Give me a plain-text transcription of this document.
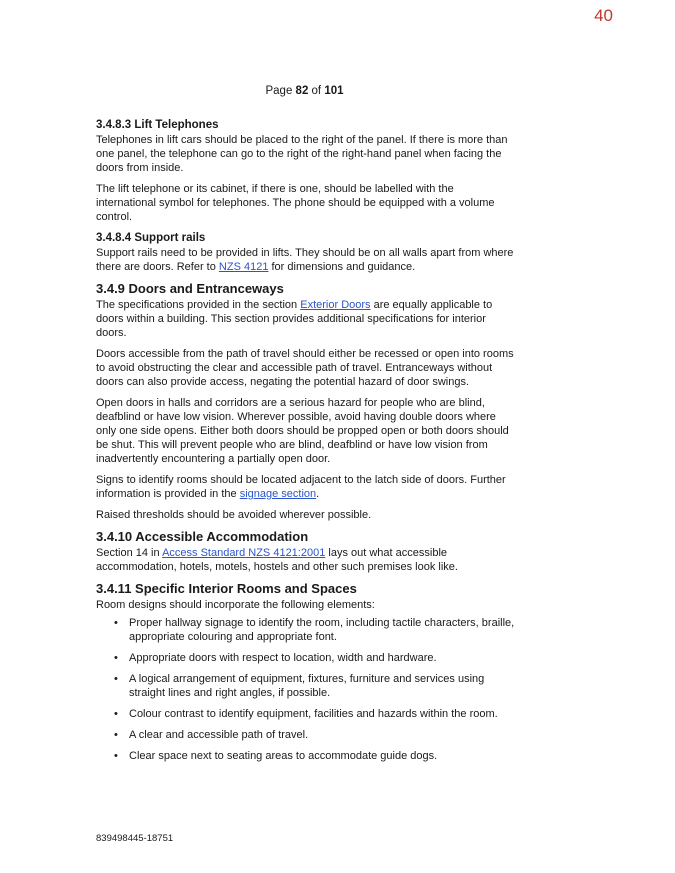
40
Page 82 of 101
3.4.8.3 Lift Telephones

Telephones in lift cars should be placed to the right of the panel. If there is more than one panel, the telephone can go to the right of the right-hand panel when facing the doors from inside.

The lift telephone or its cabinet, if there is one, should be labelled with the international symbol for telephones. The phone should be equipped with a volume control.

3.4.8.4 Support rails

Support rails need to be provided in lifts. They should be on all walls apart from where there are doors. Refer to NZS 4121 for dimensions and guidance.

3.4.9 Doors and Entranceways

The specifications provided in the section Exterior Doors are equally applicable to doors within a building. This section provides additional specifications for interior doors.

Doors accessible from the path of travel should either be recessed or open into rooms to avoid obstructing the clear and accessible path of travel. Entranceways without doors can also provide access, negating the potential hazard of door swings.

Open doors in halls and corridors are a serious hazard for people who are blind, deafblind or have low vision. Wherever possible, avoid having double doors where only one side opens. Either both doors should be propped open or both doors should be shut. This will prevent people who are blind, deafblind or have low vision from inadvertently encountering a partially open door.

Signs to identify rooms should be located adjacent to the latch side of doors. Further information is provided in the signage section.

Raised thresholds should be avoided wherever possible.

3.4.10 Accessible Accommodation

Section 14 in Access Standard NZS 4121:2001 lays out what accessible accommodation, hotels, motels, hostels and other such premises look like.

3.4.11 Specific Interior Rooms and Spaces

Room designs should incorporate the following elements:

• Proper hallway signage to identify the room, including tactile characters, braille, appropriate colouring and appropriate font.
• Appropriate doors with respect to location, width and hardware.
• A logical arrangement of equipment, fixtures, furniture and services using straight lines and right angles, if possible.
• Colour contrast to identify equipment, facilities and hazards within the room.
• A clear and accessible path of travel.
• Clear space next to seating areas to accommodate guide dogs.
839498445-18751
